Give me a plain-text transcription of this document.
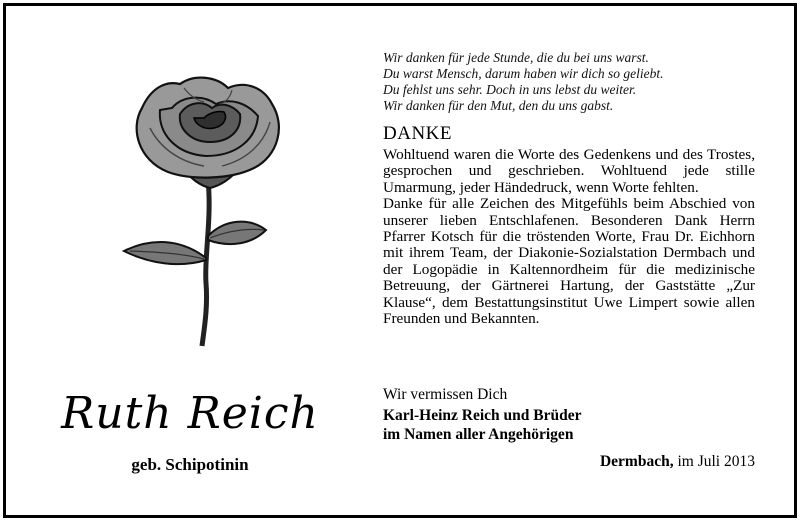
Ruth Reich
geb. Schipotinin
Wir danken für jede Stunde, die du bei uns warst.
Du warst Mensch, darum haben wir dich so geliebt.
Du fehlst uns sehr. Doch in uns lebst du weiter.
Wir danken für den Mut, den du uns gabst.
DANKE

Wohltuend waren die Worte des Gedenkens und des Trostes, gesprochen und geschrieben. Wohltuend jede stille Umarmung, jeder Händedruck, wenn Worte fehlten.

Danke für alle Zeichen des Mitgefühls beim Abschied von unserer lieben Entschlafenen. Besonderen Dank Herrn Pfarrer Kotsch für die tröstenden Worte, Frau Dr. Eichhorn mit ihrem Team, der Diakonie-Sozialstation Dermbach und der Logopädie in Kaltennordheim für die medizinische Betreuung, der Gärtnerei Hartung, der Gaststätte „Zur Klause“, dem Bestattungsinstitut Uwe Limpert sowie allen Freunden und Bekannten.

Wir vermissen Dich
Karl-Heinz Reich und Brüder
im Namen aller Angehörigen
Dermbach, im Juli 2013
